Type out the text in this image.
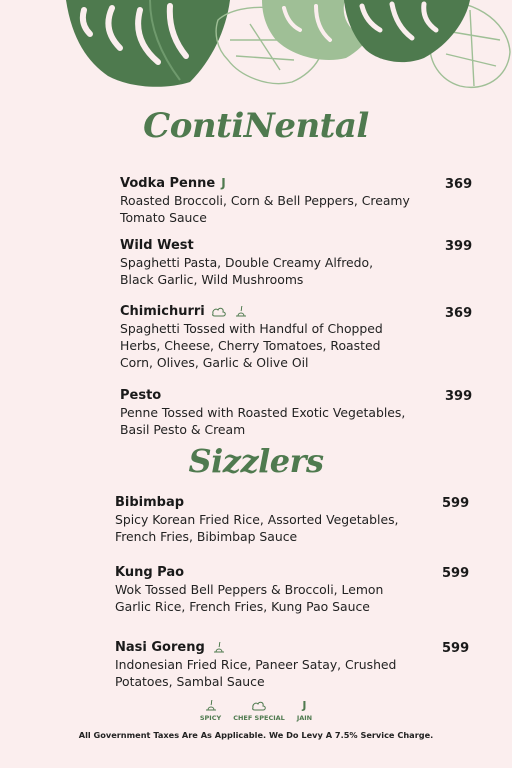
ContiNental
Vodka Penne J
Roasted Broccoli, Corn & Bell Peppers, Creamy
Tomato Sauce
369
Wild West
Spaghetti Pasta, Double Creamy Alfredo,
Black Garlic, Wild Mushrooms
399
Chimichurri
Spaghetti Tossed with Handful of Chopped
Herbs, Cheese, Cherry Tomatoes, Roasted
Corn, Olives, Garlic & Olive Oil
369
Pesto
Penne Tossed with Roasted Exotic Vegetables,
Basil Pesto & Cream
399
Sizzlers
Bibimbap
Spicy Korean Fried Rice, Assorted Vegetables,
French Fries, Bibimbap Sauce
599
Kung Pao
Wok Tossed Bell Peppers & Broccoli, Lemon
Garlic Rice, French Fries, Kung Pao Sauce
599
Nasi Goreng
Indonesian Fried Rice, Paneer Satay, Crushed
Potatoes, Sambal Sauce
599
SPICY CHEF SPECIAL
J
JAIN
All Government Taxes Are As Applicable. We Do Levy A 7.5% Service Charge.
